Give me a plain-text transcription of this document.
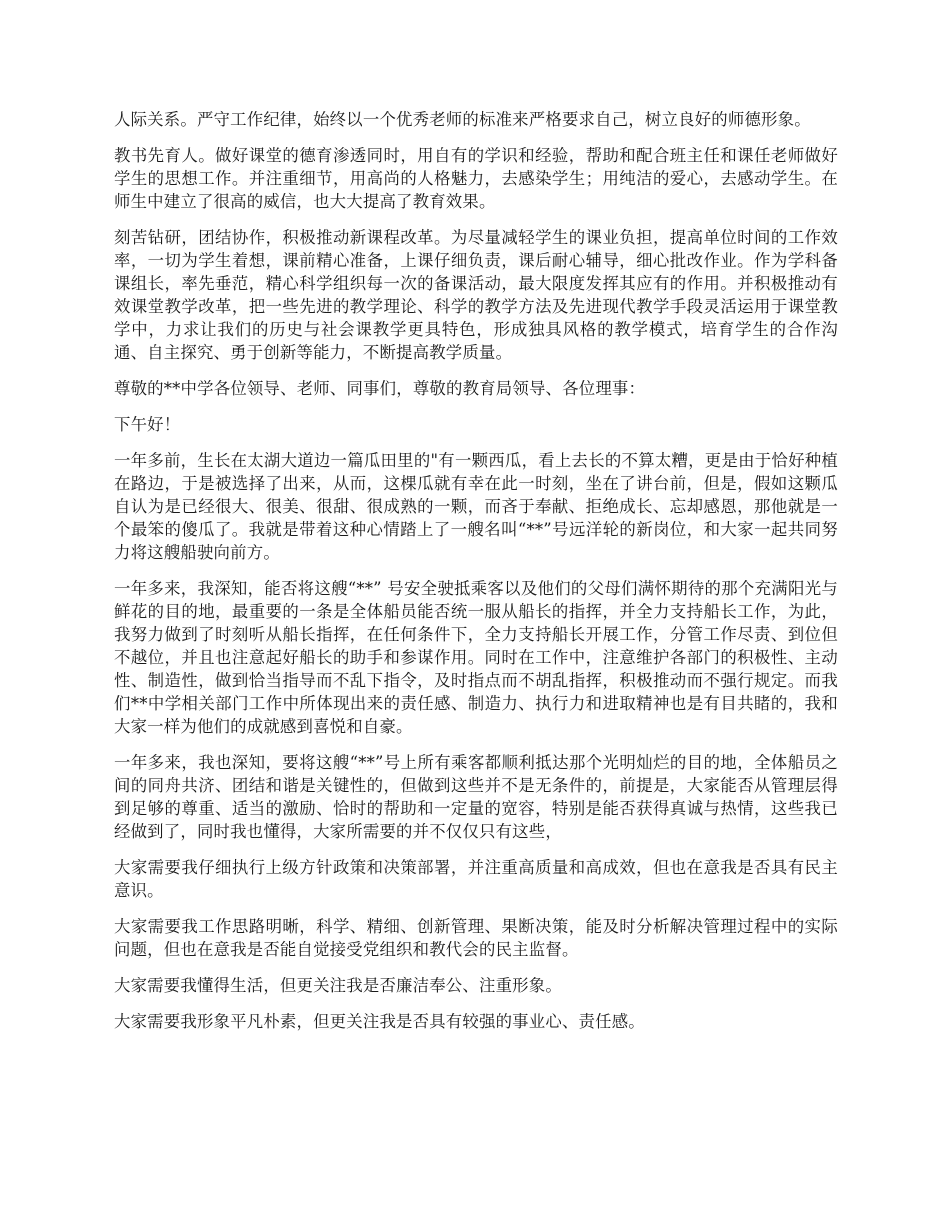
人际关系。严守工作纪律，始终以一个优秀老师的标准来严格要求自己，树立良好的师德形象。

教书先育人。做好课堂的德育渗透同时，用自有的学识和经验，帮助和配合班主任和课任老师做好学生的思想工作。并注重细节，用高尚的人格魅力，去感染学生；用纯洁的爱心，去感动学生。在师生中建立了很高的威信，也大大提高了教育效果。

刻苦钻研，团结协作，积极推动新课程改革。为尽量减轻学生的课业负担，提高单位时间的工作效率，一切为学生着想，课前精心准备，上课仔细负责，课后耐心辅导，细心批改作业。作为学科备课组长，率先垂范，精心科学组织每一次的备课活动，最大限度发挥其应有的作用。并积极推动有效课堂教学改革，把一些先进的教学理论、科学的教学方法及先进现代教学手段灵活运用于课堂教学中，力求让我们的历史与社会课教学更具特色，形成独具风格的教学模式，培育学生的合作沟通、自主探究、勇于创新等能力，不断提高教学质量。

尊敬的**中学各位领导、老师、同事们，尊敬的教育局领导、各位理事：

下午好！

一年多前，生长在太湖大道边一篇瓜田里的"有一颗西瓜，看上去长的不算太糟，更是由于恰好种植在路边，于是被选择了出来，从而，这棵瓜就有幸在此一时刻，坐在了讲台前，但是，假如这颗瓜自认为是已经很大、很美、很甜、很成熟的一颗，而吝于奉献、拒绝成长、忘却感恩，那他就是一个最笨的傻瓜了。我就是带着这种心情踏上了一艘名叫“**”号远洋轮的新岗位，和大家一起共同努力将这艘船驶向前方。

一年多来，我深知，能否将这艘“**” 号安全驶抵乘客以及他们的父母们满怀期待的那个充满阳光与鲜花的目的地，最重要的一条是全体船员能否统一服从船长的指挥，并全力支持船长工作，为此，我努力做到了时刻听从船长指挥，在任何条件下，全力支持船长开展工作，分管工作尽责、到位但不越位，并且也注意起好船长的助手和参谋作用。同时在工作中，注意维护各部门的积极性、主动性、制造性，做到恰当指导而不乱下指令，及时指点而不胡乱指挥，积极推动而不强行规定。而我们**中学相关部门工作中所体现出来的责任感、制造力、执行力和进取精神也是有目共睹的，我和大家一样为他们的成就感到喜悦和自豪。

一年多来，我也深知，要将这艘“**”号上所有乘客都顺利抵达那个光明灿烂的目的地，全体船员之间的同舟共济、团结和谐是关键性的，但做到这些并不是无条件的，前提是，大家能否从管理层得到足够的尊重、适当的激励、恰时的帮助和一定量的宽容，特别是能否获得真诚与热情，这些我已经做到了，同时我也懂得，大家所需要的并不仅仅只有这些，

大家需要我仔细执行上级方针政策和决策部署，并注重高质量和高成效，但也在意我是否具有民主意识。

大家需要我工作思路明晰，科学、精细、创新管理、果断决策，能及时分析解决管理过程中的实际问题，但也在意我是否能自觉接受党组织和教代会的民主监督。

大家需要我懂得生活，但更关注我是否廉洁奉公、注重形象。

大家需要我形象平凡朴素，但更关注我是否具有较强的事业心、责任感。
